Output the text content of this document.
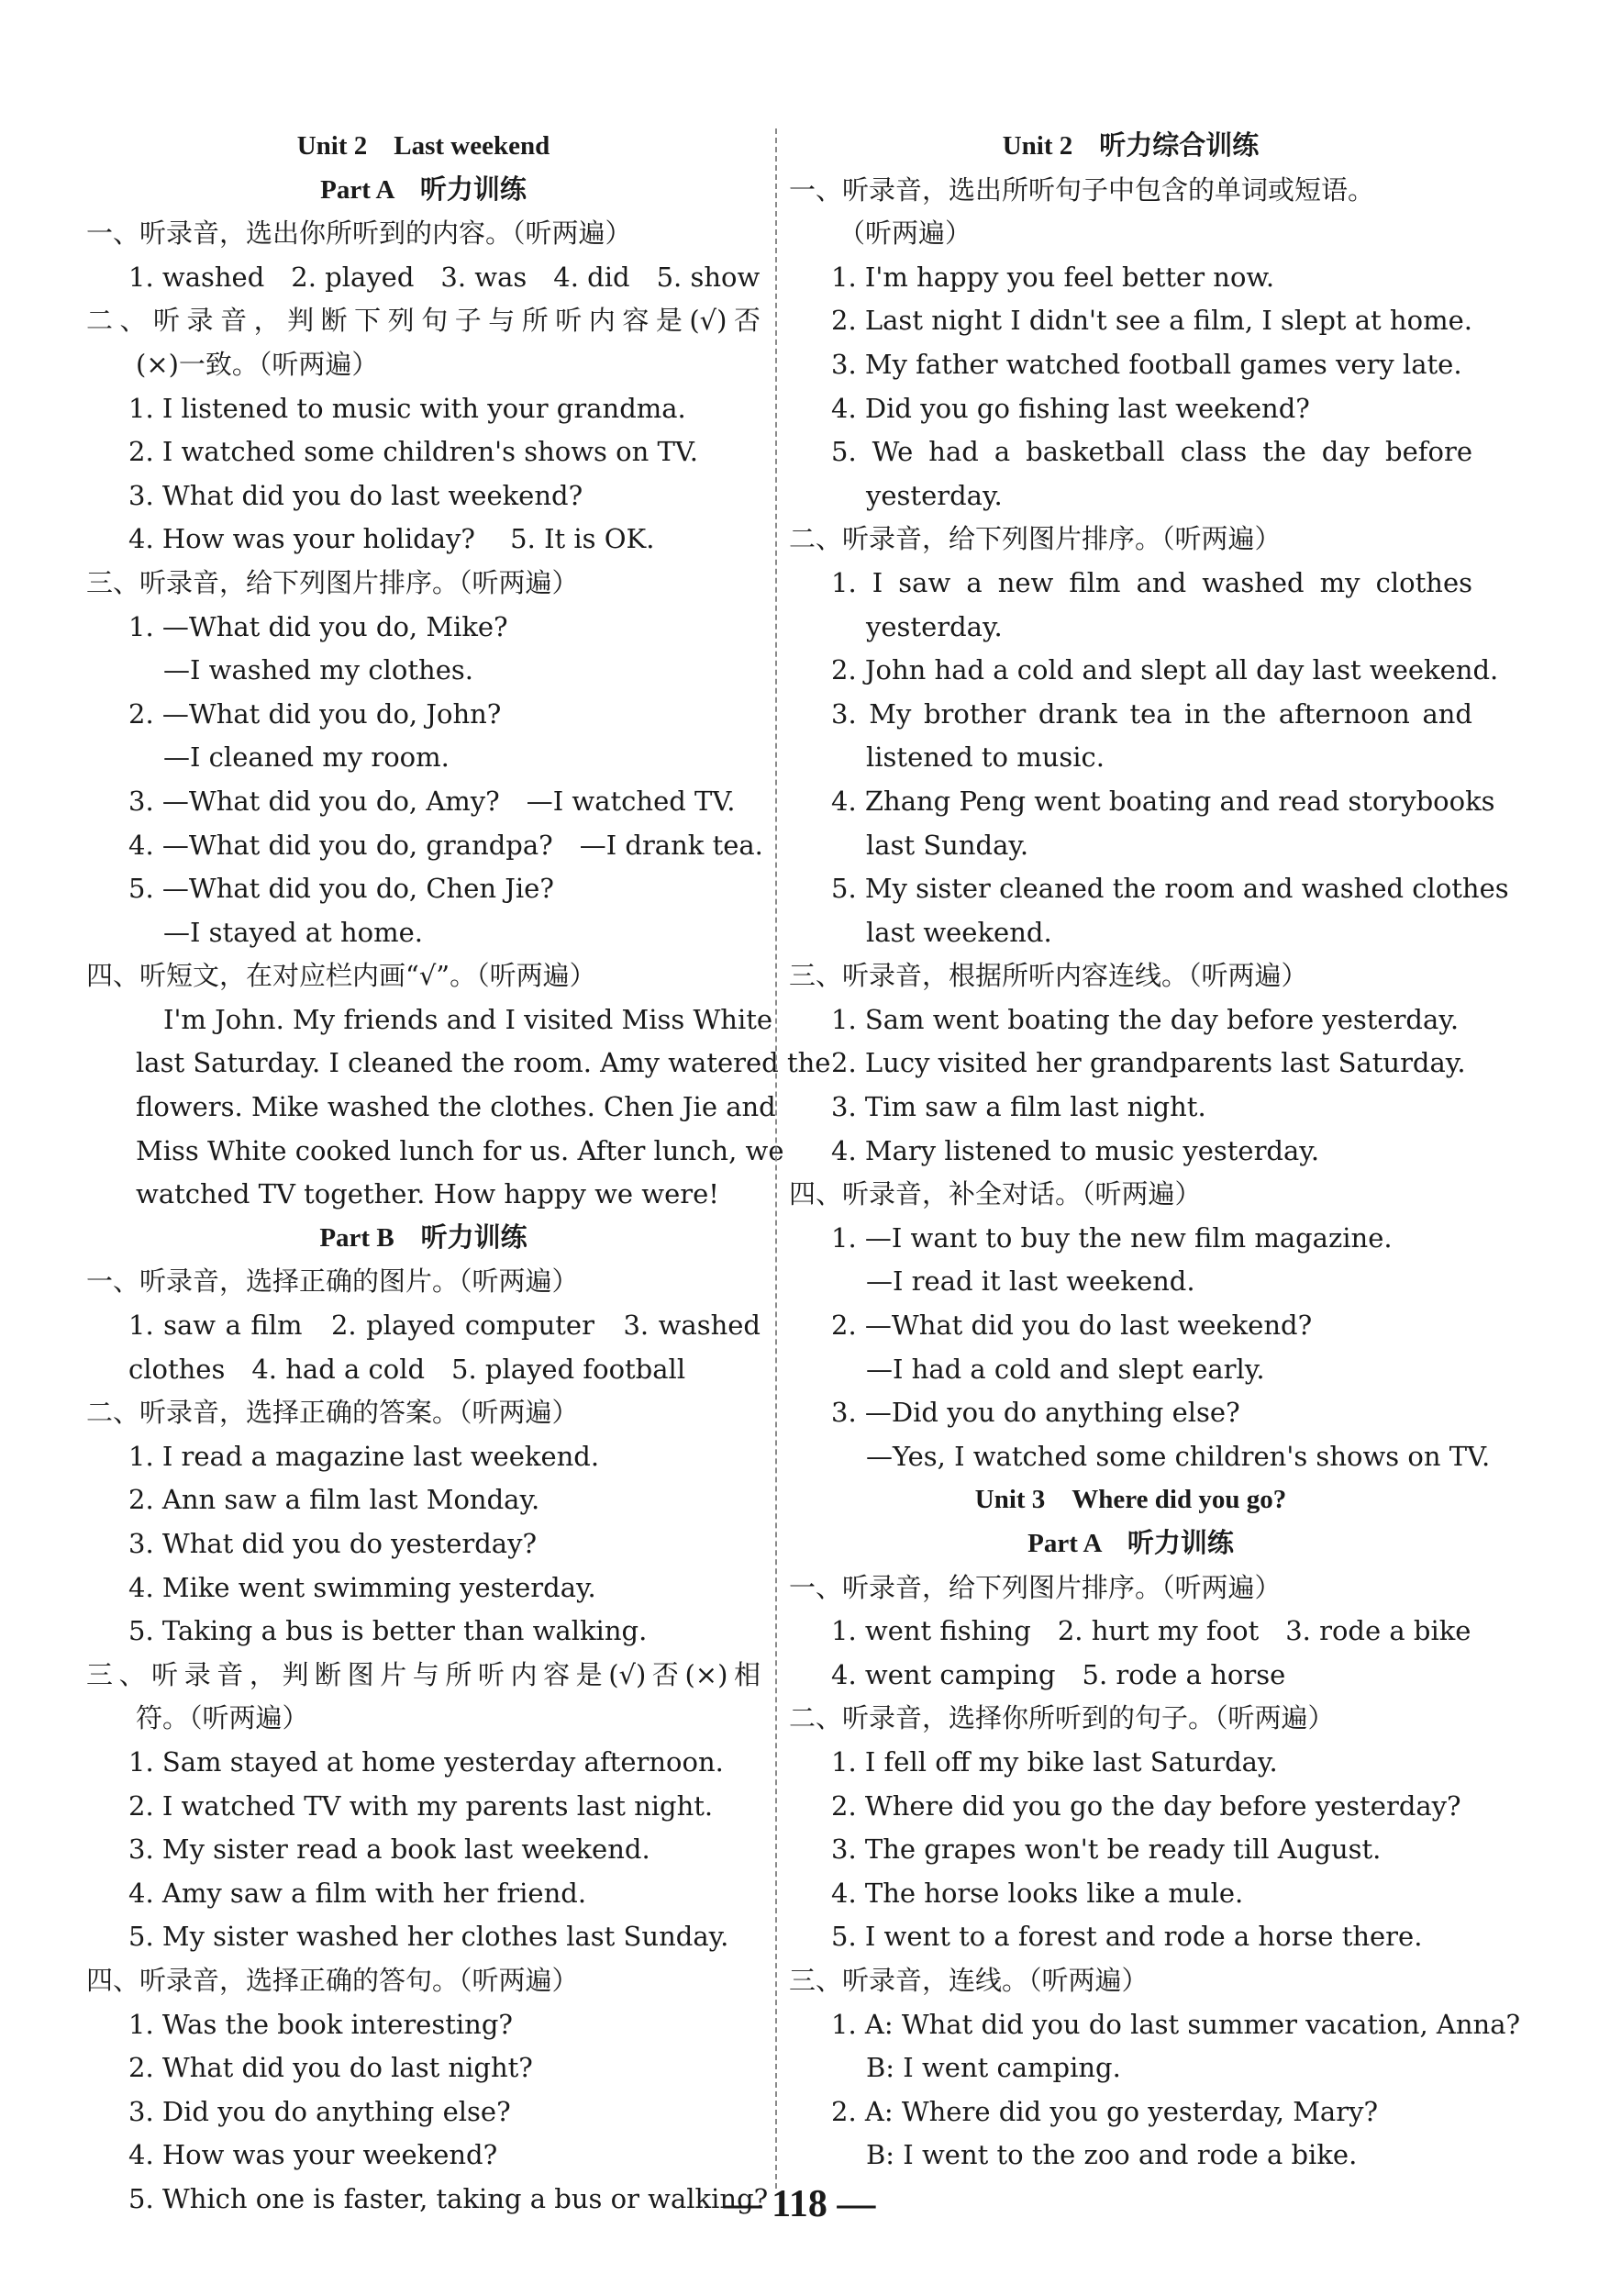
Unit 2　Last weekend
Part A　听力训练
一、听录音，选出你所听到的内容。（听两遍）
1. washed　2. played　3. was　4. did　5. show
二、听录音，判断下列句子与所听内容是(√)否
(×)一致。（听两遍）
1. I listened to music with your grandma.
2. I watched some children's shows on TV.
3. What did you do last weekend?
4. How was your holiday?　 5. It is OK.
三、听录音，给下列图片排序。（听两遍）
1. —What did you do, Mike?
—I washed my clothes.
2. —What did you do, John?
—I cleaned my room.
3. —What did you do, Amy?　—I watched TV.
4. —What did you do, grandpa?　—I drank tea.
5. —What did you do, Chen Jie?
—I stayed at home.
四、听短文，在对应栏内画“√”。（听两遍）
I'm John. My friends and I visited Miss White
last Saturday. I cleaned the room. Amy watered the
flowers. Mike washed the clothes. Chen Jie and
Miss White cooked lunch for us. After lunch, we
watched TV together. How happy we were!
Part B　听力训练
一、听录音，选择正确的图片。（听两遍）
1. saw a film　2. played computer　3. washed
clothes　4. had a cold　5. played football
二、听录音，选择正确的答案。（听两遍）
1. I read a magazine last weekend.
2. Ann saw a film last Monday.
3. What did you do yesterday?
4. Mike went swimming yesterday.
5. Taking a bus is better than walking.
三、听录音，判断图片与所听内容是(√)否(×)相
符。（听两遍）
1. Sam stayed at home yesterday afternoon.
2. I watched TV with my parents last night.
3. My sister read a book last weekend.
4. Amy saw a film with her friend.
5. My sister washed her clothes last Sunday.
四、听录音，选择正确的答句。（听两遍）
1. Was the book interesting?
2. What did you do last night?
3. Did you do anything else?
4. How was your weekend?
5. Which one is faster, taking a bus or walking?
Unit 2　听力综合训练
一、听录音，选出所听句子中包含的单词或短语。
（听两遍）
1. I'm happy you feel better now.
2. Last night I didn't see a film, I slept at home.
3. My father watched football games very late.
4. Did you go fishing last weekend?
5. We had a basketball class the day before
yesterday.
二、听录音，给下列图片排序。（听两遍）
1. I saw a new film and washed my clothes
yesterday.
2. John had a cold and slept all day last weekend.
3. My brother drank tea in the afternoon and
listened to music.
4. Zhang Peng went boating and read storybooks
last Sunday.
5. My sister cleaned the room and washed clothes
last weekend.
三、听录音，根据所听内容连线。（听两遍）
1. Sam went boating the day before yesterday.
2. Lucy visited her grandparents last Saturday.
3. Tim saw a film last night.
4. Mary listened to music yesterday.
四、听录音，补全对话。（听两遍）
1. —I want to buy the new film magazine.
—I read it last weekend.
2. —What did you do last weekend?
—I had a cold and slept early.
3. —Did you do anything else?
—Yes, I watched some children's shows on TV.
Unit 3　Where did you go?
Part A　听力训练
一、听录音，给下列图片排序。（听两遍）
1. went fishing　2. hurt my foot　3. rode a bike
4. went camping　5. rode a horse
二、听录音，选择你所听到的句子。（听两遍）
1. I fell off my bike last Saturday.
2. Where did you go the day before yesterday?
3. The grapes won't be ready till August.
4. The horse looks like a mule.
5. I went to a forest and rode a horse there.
三、听录音，连线。（听两遍）
1. A: What did you do last summer vacation, Anna?
B: I went camping.
2. A: Where did you go yesterday, Mary?
B: I went to the zoo and rode a bike.
— 118 —
